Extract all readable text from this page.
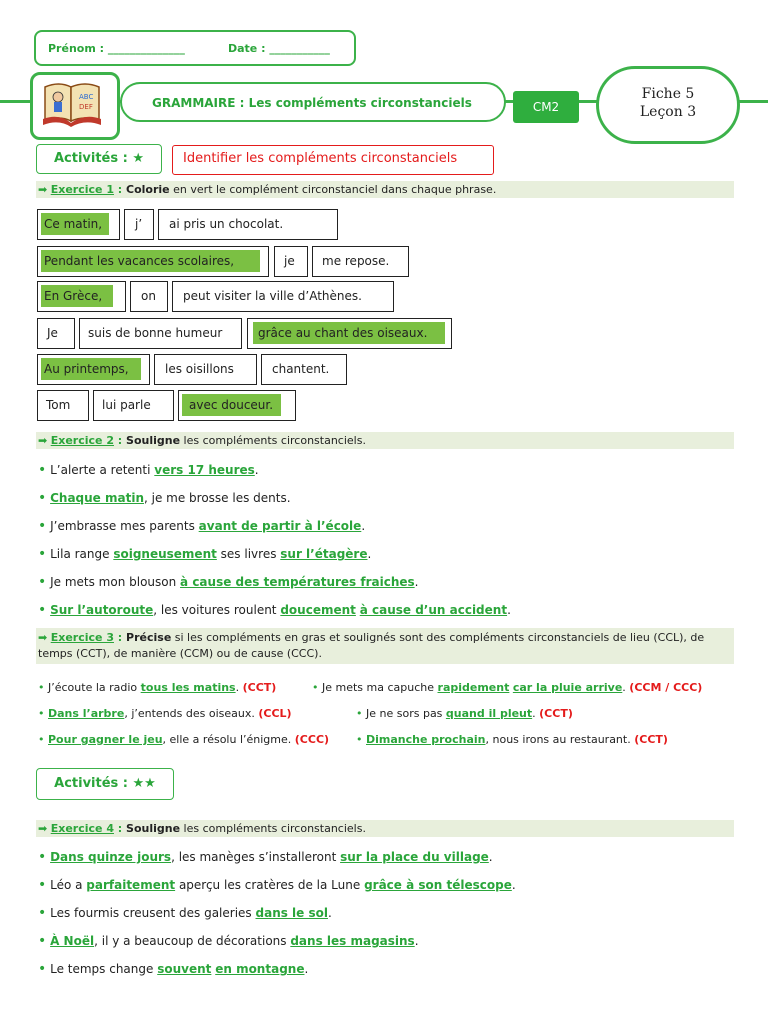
Prénom : ______________	Date : ___________
ABC
DEF	GRAMMAIRE : Les compléments circonstanciels	CM2
Fiche 5
Leçon 3
Activités : ★	Identifier les compléments circonstanciels
➡ Exercice 1 : Colorie en vert le complément circonstanciel dans chaque phrase.
Ce matin,	j’ ai pris un chocolat.
Pendant les vacances scolaires,	je me repose.
En Grèce,	on peut visiter la ville d’Athènes.
Je	suis de bonne humeur	grâce au chant des oiseaux.
Au printemps,	les oisillons	chantent.
Tom	lui parle	avec douceur.
➡ Exercice 2 : Souligne les compléments circonstanciels.
• L’alerte a retenti vers 17 heures.
• Chaque matin, je me brosse les dents.
• J’embrasse mes parents avant de partir à l’école.
• Lila range soigneusement ses livres sur l’étagère.
• Je mets mon blouson à cause des températures fraiches.
• Sur l’autoroute, les voitures roulent doucement à cause d’un accident.
➡ Exercice 3 : Précise si les compléments en gras et soulignés sont des compléments circonstanciels de lieu (CCL), de temps (CCT), de manière (CCM) ou de cause (CCC).
• J’écoute la radio tous les matins. (CCT)	• Je mets ma capuche rapidement car la pluie arrive. (CCM / CCC)
• Dans l’arbre, j’entends des oiseaux. (CCL)	• Je ne sors pas quand il pleut. (CCT)
• Pour gagner le jeu, elle a résolu l’énigme. (CCC) • Dimanche prochain, nous irons au restaurant. (CCT)
Activités : ★★
➡ Exercice 4 : Souligne les compléments circonstanciels.
• Dans quinze jours, les manèges s’installeront sur la place du village.
• Léo a parfaitement aperçu les cratères de la Lune grâce à son télescope.
• Les fourmis creusent des galeries dans le sol.
• À Noël, il y a beaucoup de décorations dans les magasins.
• Le temps change souvent en montagne.
